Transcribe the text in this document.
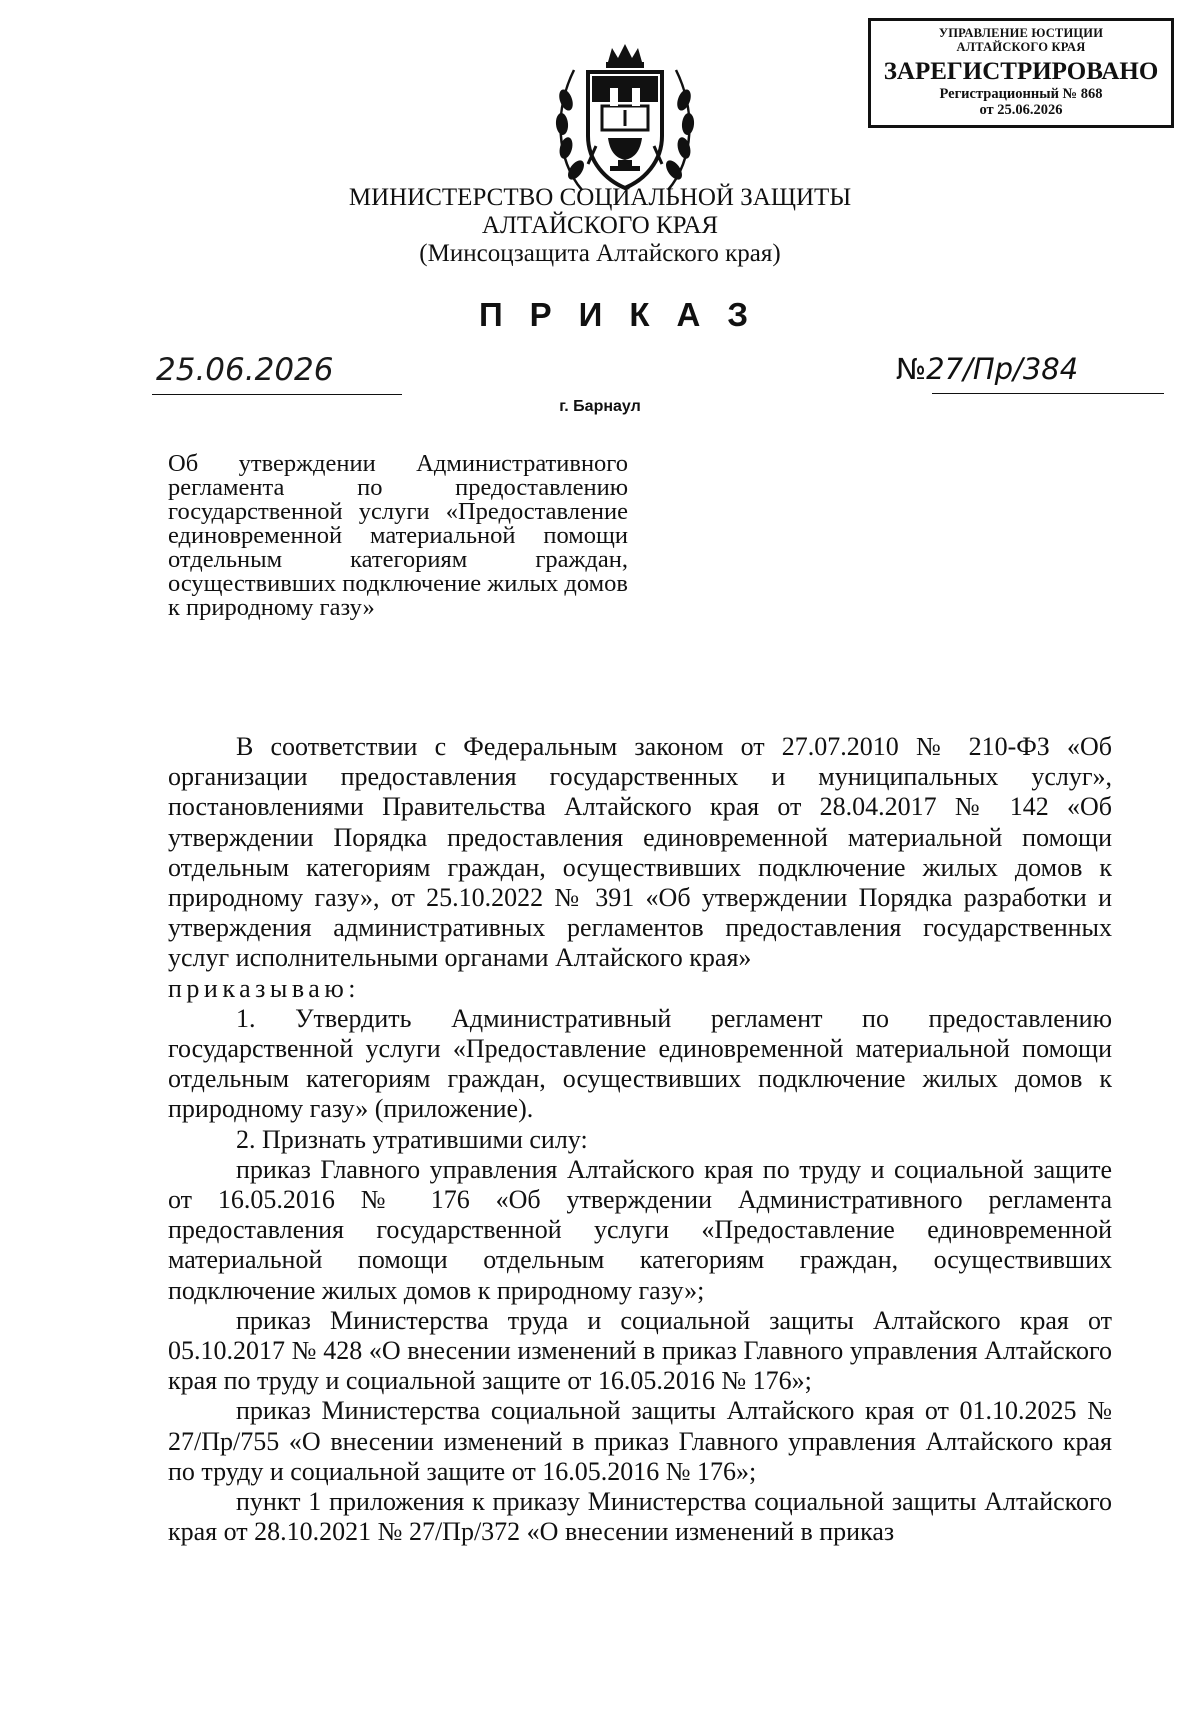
УПРАВЛЕНИЕ ЮСТИЦИИ
АЛТАЙСКОГО КРАЯ
ЗАРЕГИСТРИРОВАНО
Регистрационный № 868
от 25.06.2026
МИНИСТЕРСТВО СОЦИАЛЬНОЙ ЗАЩИТЫ
АЛТАЙСКОГО КРАЯ
(Минсоцзащита Алтайского края)
ПРИКАЗ
25.06.2026	№27/Пр/384
г. Барнаул
Об утверждении Административного регламента по предоставлению государственной услуги «Предоставление единовременной материальной помощи отдельным категориям граждан, осуществивших подключение жилых домов к природному газу»

В соответствии с Федеральным законом от 27.07.2010 № 210-ФЗ «Об организации предоставления государственных и муниципальных услуг», постановлениями Правительства Алтайского края от 28.04.2017 № 142 «Об утверждении Порядка предоставления единовременной материальной помощи отдельным категориям граждан, осуществивших подключение жилых домов к природному газу», от 25.10.2022 № 391 «Об утверждении Порядка разработки и утверждения административных регламентов предоставления государственных услуг исполнительными органами Алтайского края»

приказываю:

1. Утвердить Административный регламент по предоставлению государственной услуги «Предоставление единовременной материальной помощи отдельным категориям граждан, осуществивших подключение жилых домов к природному газу» (приложение).

2. Признать утратившими силу:

приказ Главного управления Алтайского края по труду и социальной защите от 16.05.2016 № 176 «Об утверждении Административного регламента предоставления государственной услуги «Предоставление единовременной материальной помощи отдельным категориям граждан, осуществивших подключение жилых домов к природному газу»;

приказ Министерства труда и социальной защиты Алтайского края от 05.10.2017 № 428 «О внесении изменений в приказ Главного управления Алтайского края по труду и социальной защите от 16.05.2016 № 176»;

приказ Министерства социальной защиты Алтайского края от 01.10.2025 № 27/Пр/755 «О внесении изменений в приказ Главного управления Алтайского края по труду и социальной защите от 16.05.2016 № 176»;

пункт 1 приложения к приказу Министерства социальной защиты Алтайского края от 28.10.2021 № 27/Пр/372 «О внесении изменений в приказ
